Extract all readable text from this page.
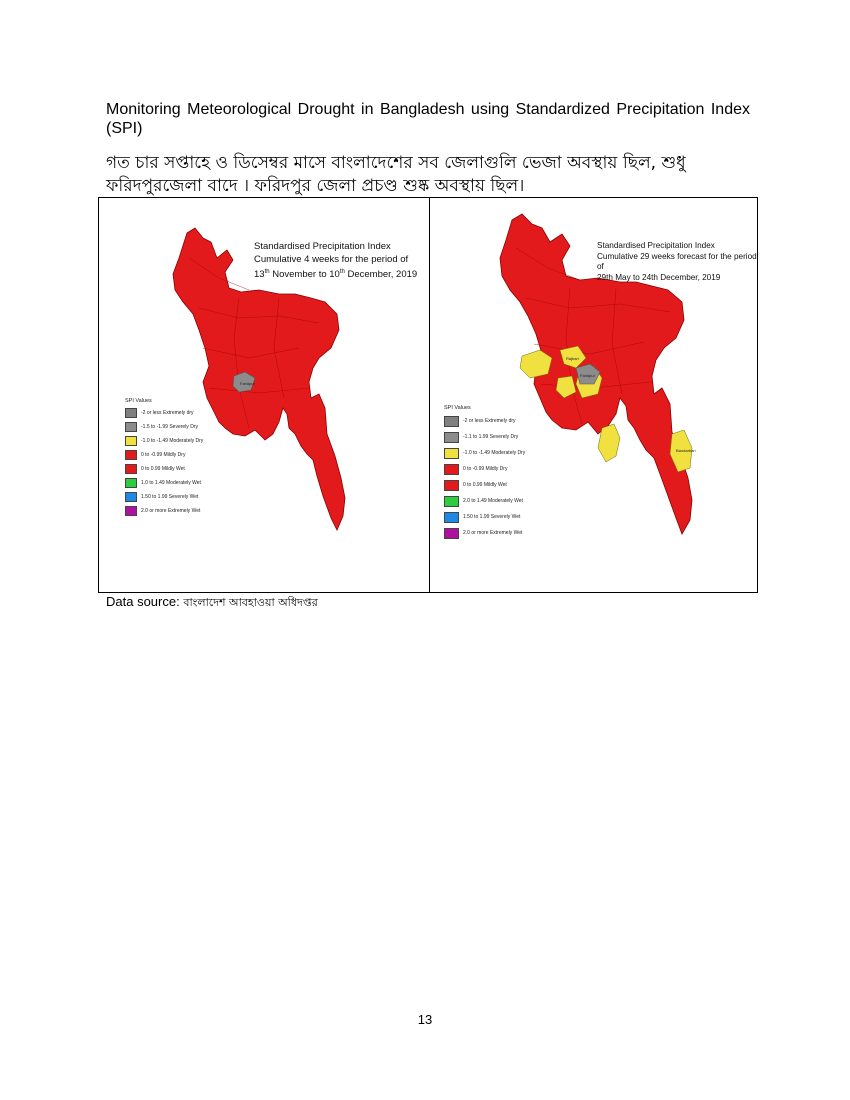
Monitoring Meteorological Drought in Bangladesh using Standardized Precipitation Index (SPI)
গত চার সপ্তাহে ও ডিসেম্বর মাসে বাংলাদেশের সব জেলাগুলি ভেজা অবস্থায় ছিল, শুধু ফরিদপুরজেলা বাদে । ফরিদপুর জেলা প্রচণ্ড শুষ্ক অবস্থায় ছিল।
Faridpur
Standardised Precipitation Index
Cumulative 4 weeks for the period of
13th November to 10th December, 2019
SPI Values
-2 or less Extremely dry
-1.5 to -1.99 Severely Dry
-1.0 to -1.49 Moderately Dry
0 to -0.99 Mildly Dry
0 to 0.99 Mildly Wet
1.0 to 1.49 Moderately Wet
1.50 to 1.99 Severely Wet
2.0 or more Extremely Wet
Faridpur
Rajbari
Bandarban
Standardised Precipitation Index
Cumulative 29 weeks forecast for the period of
29th May to 24th December, 2019
SPI Values
-2 or less Extremely dry
-1.1 to 1.99 Severely Dry
-1.0 to -1.49 Moderately Dry
0 to -0.99 Mildly Dry
0 to 0.99 Mildly Wet
2.0 to 1.49 Moderately Wet
1.50 to 1.99 Severely Wet
2.0 or more Extremely Wet
Data source: বাংলাদেশ আবহাওয়া অধিদপ্তর
13
